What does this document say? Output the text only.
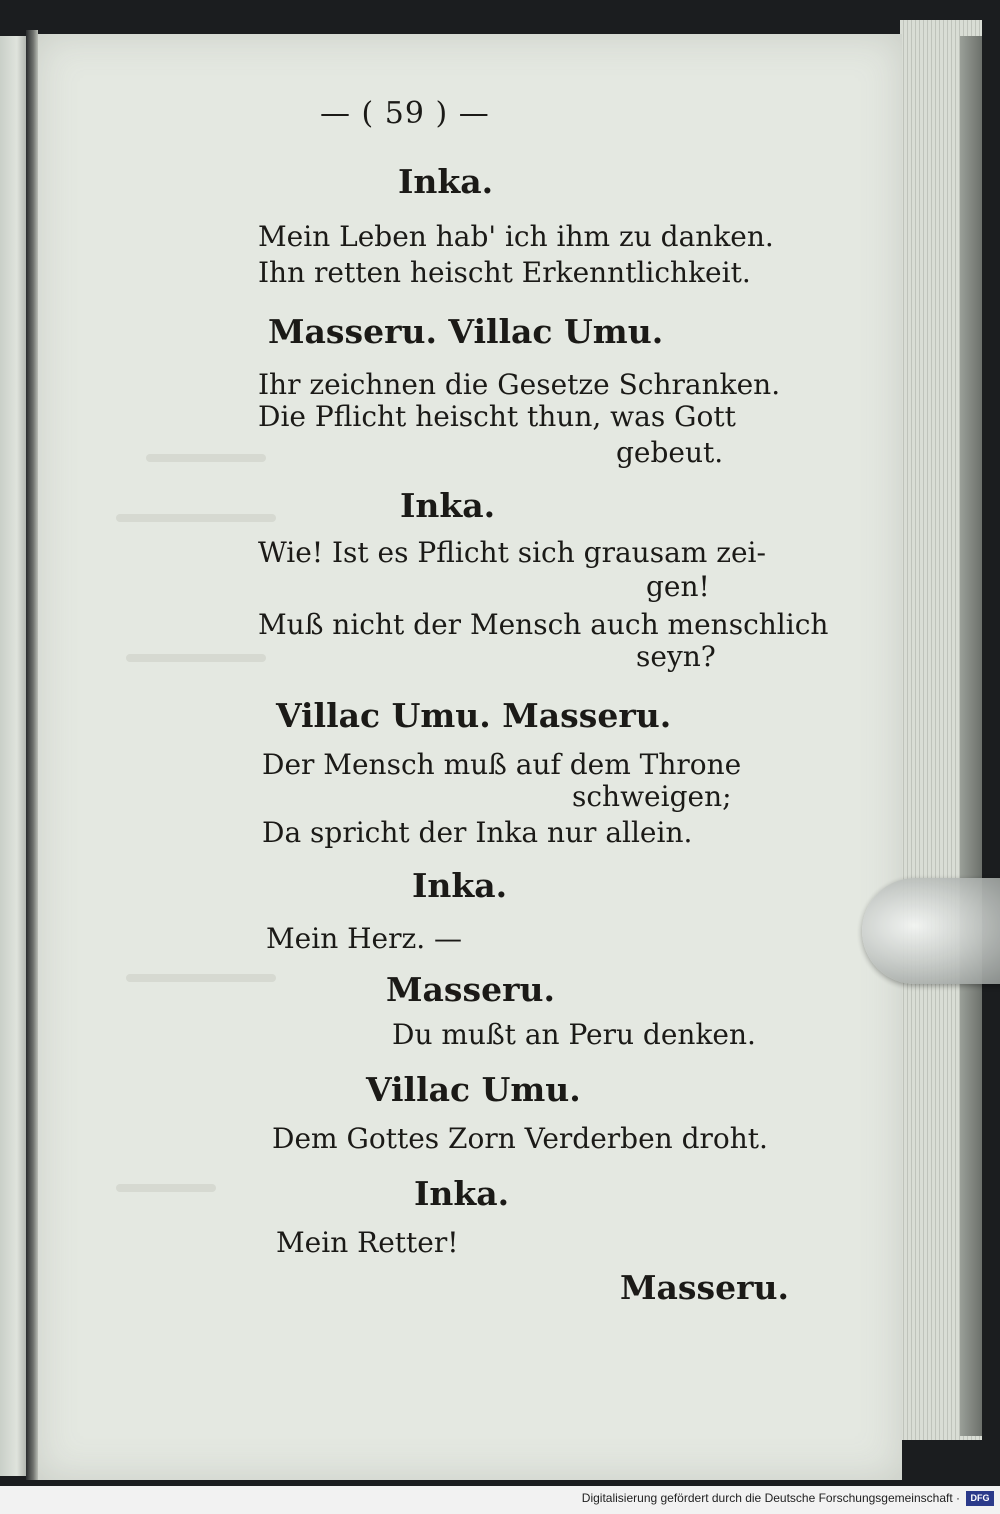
— ( 59 ) —
Inka.
Mein Leben hab' ich ihm zu danken.
Ihn retten heischt Erkenntlichkeit.
Masseru. Villac Umu.
Ihr zeichnen die Gesetze Schranken.
Die Pflicht heischt thun, was Gott
gebeut.
Inka.
Wie! Ist es Pflicht sich grausam zei-
gen!
Muß nicht der Mensch auch menschlich
seyn?
Villac Umu. Masseru.
Der Mensch muß auf dem Throne
schweigen;
Da spricht der Inka nur allein.
Inka.
Mein Herz. —
Masseru.
Du mußt an Peru denken.
Villac Umu.
Dem Gottes Zorn Verderben droht.
Inka.
Mein Retter!
Masseru.
Digitalisierung gefördert durch die Deutsche Forschungsgemeinschaft ·	DFG
